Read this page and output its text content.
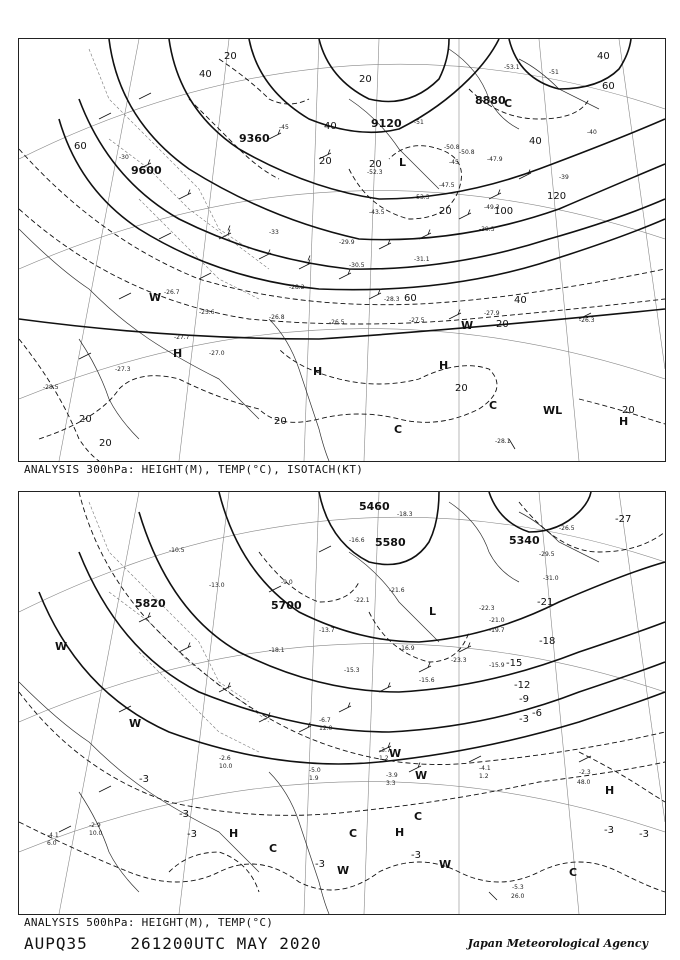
9600
9360
9120
8880
60
40
20
20
20	20
20
40
40
60
100
120
40
20
20
20
20
20
60
40
20
H
H	H
H
C
C
C
W
WL
W
L
-28.1
-27.0
-27.3
-28.5
-27.5
-27.9
-26.3
-30.5
-31.1
-47.9
-45
-51
-53.1
-52.3
-50.8
-47.5
-49.3
-43.5
-39.3
-29.9
-33
-28.2
-26.5
-26.7
-27.7
-28.3
-30
-25.6
-26.8
-45
-51
-39
-40
-50.8
-53.3
ANALYSIS 300hPa: HEIGHT(M), TEMP(°C), ISOTACH(KT)
5820	5700
5580	5340
5460
-27
-21
-18
-15
-12
-9
-6
-3
-3
-3
-3	-3
-3
-3
-3
H	H
H
C
C
C
C
W
W
W	W
W
W
L
-4.1
1.2
-2.3
48.0
-5.3
26.0
-2.9
10.0
-4.1
6.0
-3.7
1.2
-3.9
3.3
-5.0
1.9
-6.7
12.0
-2.6
10.0
-13.0
-10.5
-16.6
-18.3
-21.6
-22.1
-22.3
-19.7
-15.9
-9.0
-13.7
-18.1	-16.9
-15.3
-15.6
-21.0
-23.3
-29.5
-26.5
-31.0
ANALYSIS 500hPa: HEIGHT(M), TEMP(°C)
AUPQ35	261200UTC MAY 2020	Japan Meteorological Agency
